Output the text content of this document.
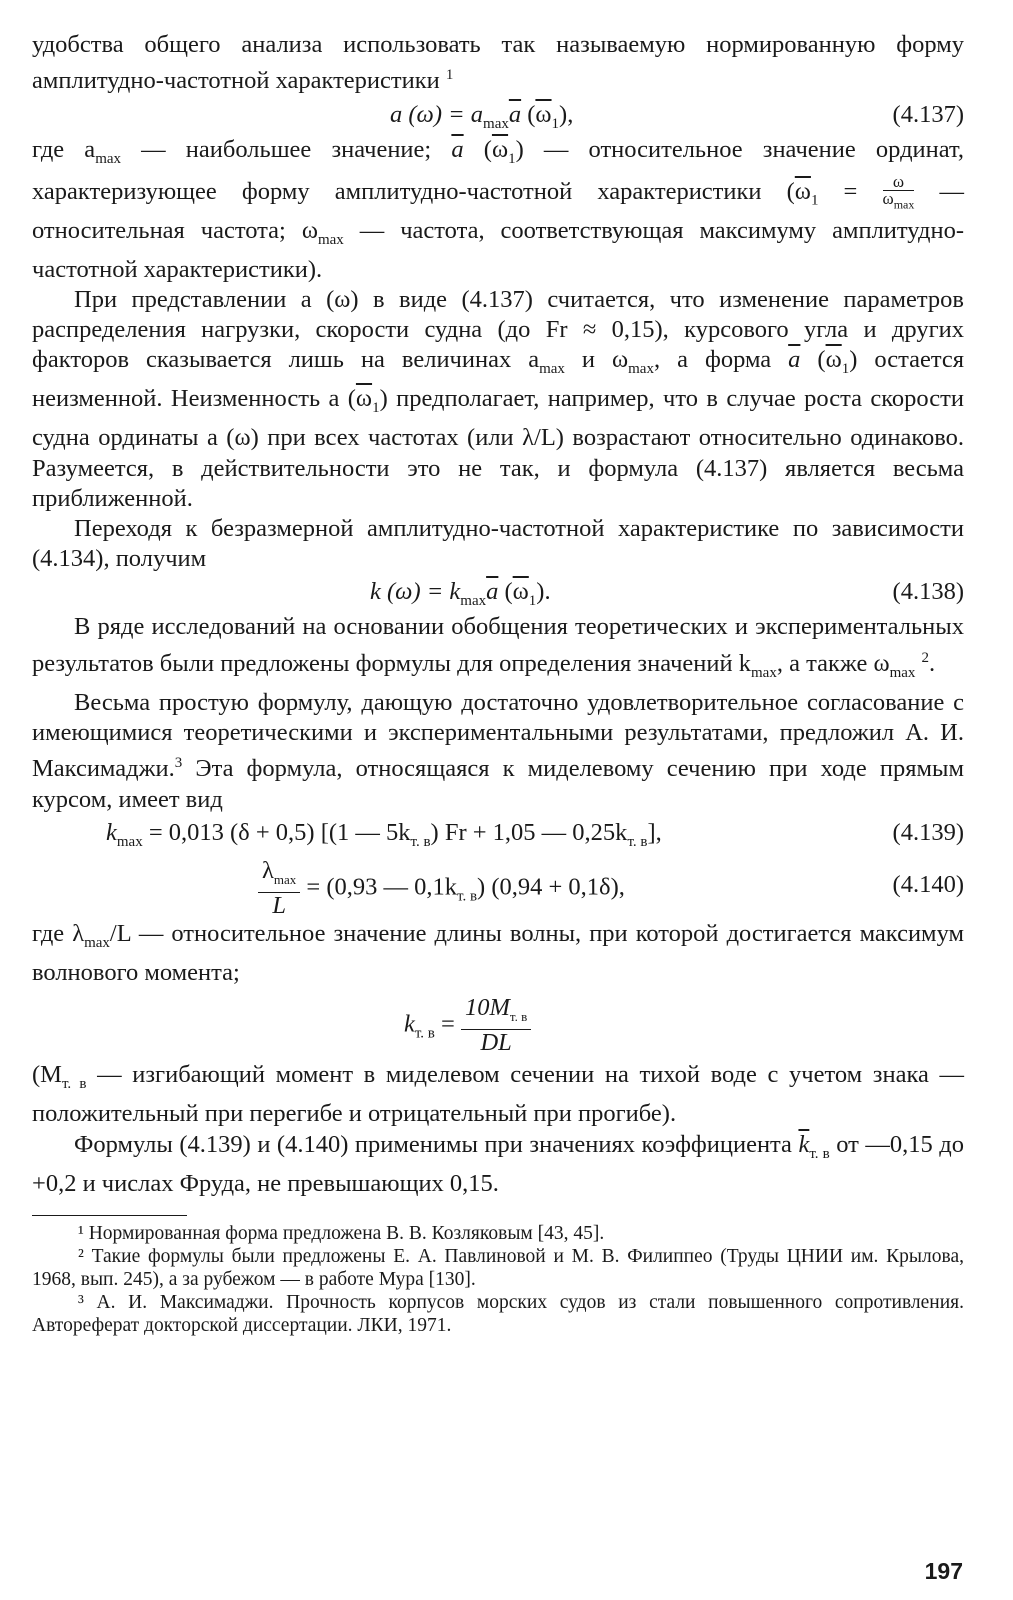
удобства общего анализа использовать так называемую нормированную форму амплитудно-частотной характеристики $^1$

a $(\omega) = a_{max}\overline{a}$ $(\overline{\omega}_1)$,	(4.137)

где $a_{max}$ — наибольшее значение; $\overline{a}$ $(\overline{\omega}_1)$ — относительное значение ординат, характеризующее форму амплитудно-частотной характеристики ($\overline{\omega}_1 = \omega$
$\omega_{max}$ — относительная частота; $\omega_{max}$ — частота, соответствующая максимуму амплитудно-частотной характеристики).

При представлении a (ω) в виде (4.137) считается, что изменение параметров распределения нагрузки, скорости судна (до Fr ≈ 0,15), курсового угла и других факторов сказывается лишь на величинах $a_{max}$ и $\omega_{max}$, а форма $\overline{a}$ $(\overline{\omega}_1)$ остается неизменной. Неизменность a $(\overline{\omega}_1)$ предполагает, например, что в случае роста скорости судна ординаты a (ω) при всех частотах (или λ/L) возрастают относительно одинаково. Разумеется, в действительности это не так, и формула (4.137) является весьма приближенной.

Переходя к безразмерной амплитудно-частотной характеристике по зависимости (4.134), получим

k $(\omega) = k_{max}\overline{a}$ $(\overline{\omega}_1)$.	(4.138)

В ряде исследований на основании обобщения теоретических и экспериментальных результатов были предложены формулы для определения значений $k_{max}$, а также $\omega_{max}$ $^2$.

Весьма простую формулу, дающую достаточно удовлетворительное согласование с имеющимися теоретическими и экспериментальными результатами, предложил А. И. Максимаджи.$^3$ Эта формула, относящаяся к миделевому сечению при ходе прямым курсом, имеет вид

$k_{max} = 0,013$ (δ + 0,5) [(1 — $5k_{т. в}$) Fr + 1,05 — $0,25k_{т. в}$],	(4.139)
$\frac{\lambda_{max}}{L} = (0,93$ — $0,1k_{т. в}$) (0,94 + 0,1δ),	(4.140)

где $\lambda_{max}/L$ — относительное значение длины волны, при которой достигается максимум волнового момента;

$k_{т. в} = \frac{10M_{т. в}}{DL}$

($M_{т. в}$ — изгибающий момент в миделевом сечении на тихой воде с учетом знака — положительный при перегибе и отрицательный при прогибе).

Формулы (4.139) и (4.140) применимы при значениях коэффициента $\overline{k}_{т. в}$ от —0,15 до +0,2 и числах Фруда, не превышающих 0,15.

¹ Нормированная форма предложена В. В. Козляковым [43, 45].

² Такие формулы были предложены Е. А. Павлиновой и М. В. Филиппео (Труды ЦНИИ им. Крылова, 1968, вып. 245), а за рубежом — в работе Мура [130].

³ А. И. Максимаджи. Прочность корпусов морских судов из стали повышенного сопротивления. Автореферат докторской диссертации. ЛКИ, 1971.

197
